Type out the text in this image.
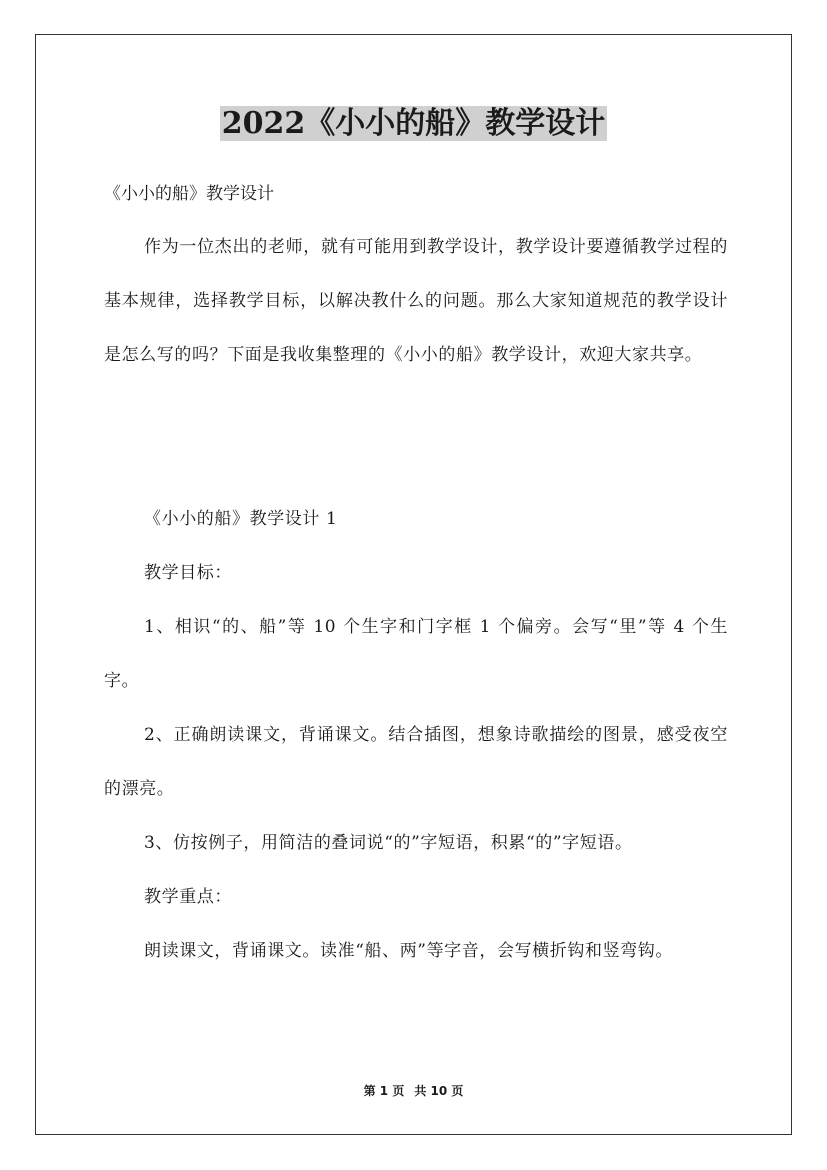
2022《小小的船》教学设计
《小小的船》教学设计

作为一位杰出的老师，就有可能用到教学设计，教学设计要遵循教学过程的基本规律，选择教学目标，以解决教什么的问题。那么大家知道规范的教学设计是怎么写的吗？下面是我收集整理的《小小的船》教学设计，欢迎大家共享。

《小小的船》教学设计 1

教学目标：

1、相识“的、船”等 10 个生字和门字框 1 个偏旁。会写“里”等 4 个生字。

2、正确朗读课文，背诵课文。结合插图，想象诗歌描绘的图景，感受夜空的漂亮。

3、仿按例子，用简洁的叠词说“的”字短语，积累“的”字短语。

教学重点：

朗读课文，背诵课文。读准“船、两”等字音，会写横折钩和竖弯钩。

第 1 页 共 10 页
